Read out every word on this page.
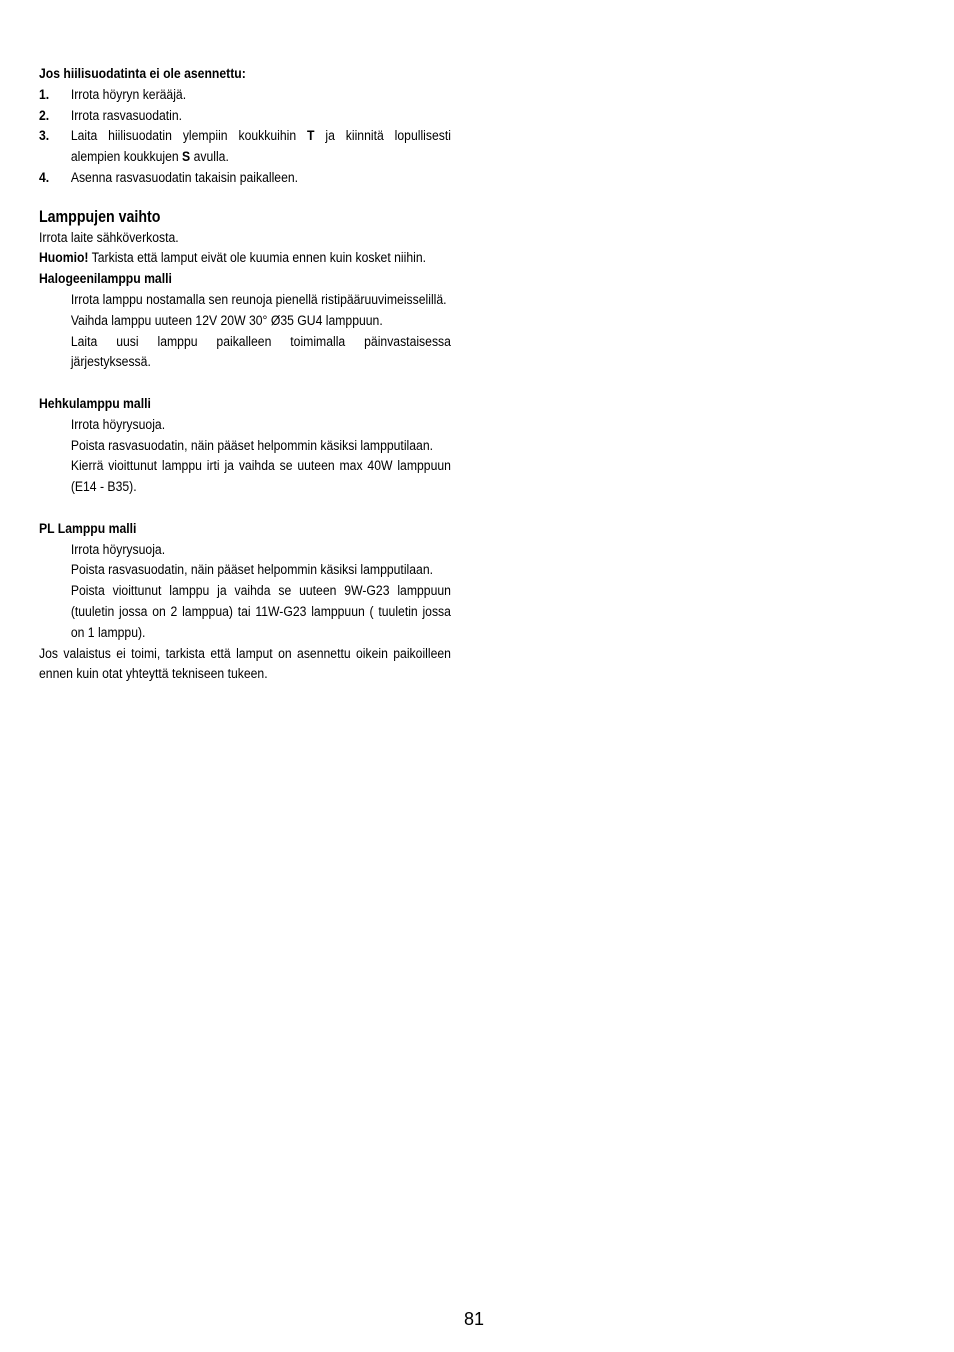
Jos hiilisuodatinta ei ole asennettu:
1.	Irrota höyryn kerääjä.
2.	Irrota rasvasuodatin.
3.	Laita hiilisuodatin ylempiin koukkuihin T ja kiinnitä lopullisesti alempien koukkujen S avulla.
4.	Asenna rasvasuodatin takaisin paikalleen.
Lamppujen vaihto
Irrota laite sähköverkosta.
Huomio! Tarkista että lamput eivät ole kuumia ennen kuin kosket niihin.
Halogeenilamppu malli
Irrota lamppu nostamalla sen reunoja pienellä ristipääruuvimeisselillä.
Vaihda lamppu uuteen 12V 20W 30° Ø35 GU4 lamppuun.
Laita uusi lamppu paikalleen toimimalla päinvastaisessa järjestyksessä.
Hehkulamppu malli
Irrota höyrysuoja.
Poista rasvasuodatin, näin pääset helpommin käsiksi lampputilaan.
Kierrä vioittunut lamppu irti ja vaihda se uuteen max 40W lamppuun (E14 - B35).
PL Lamppu malli
Irrota höyrysuoja.
Poista rasvasuodatin, näin pääset helpommin käsiksi lampputilaan.
Poista vioittunut lamppu ja vaihda se uuteen 9W-G23 lamppuun (tuuletin jossa on 2 lamppua) tai 11W-G23 lamppuun ( tuuletin jossa on 1 lamppu).
Jos valaistus ei toimi, tarkista että lamput on asennettu oikein paikoilleen ennen kuin otat yhteyttä tekniseen tukeen.
81
